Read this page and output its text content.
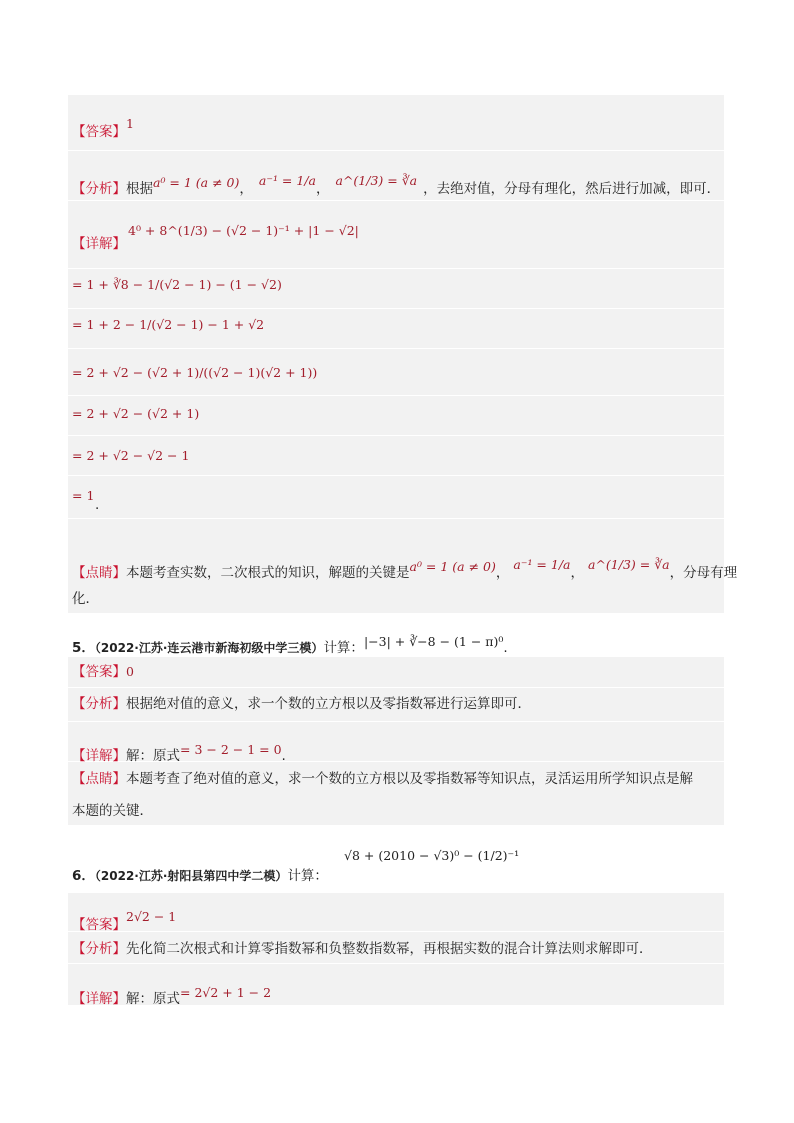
【答案】1
【分析】根据a⁰ = 1 (a ≠ 0)，a⁻¹ = 1/a，a^(1/3) = ∛a，去绝对值，分母有理化，然后进行加减，即可．
【详解】
4⁰ + 8^(1/3) − (√2 − 1)⁻¹ + |1 − √2|
= 1 + ∛8 − 1/(√2 − 1) − (1 − √2)
= 1 + 2 − 1/(√2 − 1) − 1 + √2
= 2 + √2 − (√2 + 1)/((√2 − 1)(√2 + 1))
= 2 + √2 − (√2 + 1)
= 2 + √2 − √2 − 1
= 1
.
【点睛】本题考查实数，二次根式的知识，解题的关键是a⁰ = 1 (a ≠ 0)，a⁻¹ = 1/a，a^(1/3) = ∛a，分母有理
化．
5．（2022·江苏·连云港市新海初级中学三模）计算：|−3| + ∛−8 − (1 − π)⁰.
【答案】0
【分析】根据绝对值的意义，求一个数的立方根以及零指数幂进行运算即可．
【详解】解：原式= 3 − 2 − 1 = 0.
【点睛】本题考查了绝对值的意义，求一个数的立方根以及零指数幂等知识点，灵活运用所学知识点是解
本题的关键．
√8 + (2010 − √3)⁰ − (1/2)⁻¹
6．（2022·江苏·射阳县第四中学二模）计算：
【答案】2√2 − 1
【分析】先化简二次根式和计算零指数幂和负整数指数幂，再根据实数的混合计算法则求解即可．
【详解】解：原式= 2√2 + 1 − 2
